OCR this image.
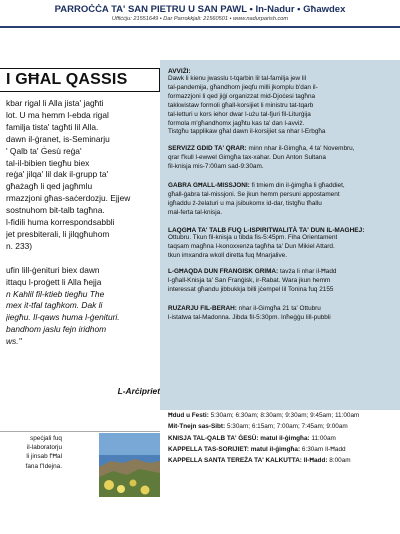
PARROĊĊA TA' SAN PIETRU U SAN PAWL • In-Nadur • Għawdex
Uffiċċju: 21551649 • Dar Parrokkjali: 21560501 • www.nadurparish.com
I GĦAL QASSIS
kbar rigal li Alla jista' jagħti
lot. U ma hemm l-ebda rigal
familja tista' tagħti lil Alla.
dawn il-ġranet, is-Seminarju
' Qalb ta' Ġesù reġa'
tal-il-bibien tiegħu biex
reġa' jilqa' lil dak il-grupp ta'
għażagħ li qed jagħmlu
rmazzjoni għas-saċerdozju. Ejjew
sostnuhom bit-talb tagħna.
l-fidili huma korrespondsabbli
jet presbiterali, li jilqgħuhom
n. 233)

ufin lill-ġenituri biex dawn
ittaqu l-proġett li Alla ħejja
n Kahlil fil-ktieb tiegħu The
mex it-tfal tagħkom. Dak li
jiegħu. Il-qaws huma l-ġenituri.
bandhom jaslu fejn iridhom
ws."
L-Arċipriet
speċjali fuq
il-laboratorju
li jinsab f'Ħal
fana f'Idejna.
AVVIŻI:
Dawk li kienu jwasslu t-tqarbin lil tal-familja jew lil
tal-pandemija, għandhom jieqfu milli jkomplu b'dan il-
formazzjoni li qed jiġi organizzat mid-Djoċesi tagħna
takkwistaw formoli għall-korsijiet li ministru tat-tqarb
tal-letturi u kors iehor dwar l-użu tal-fjuri fil-Liturġija
formola m'għandhomx jagħtu kas ta' dan l-avviż.
Tistgħu tapplikaw għal dawn il-korsijiet sa nhar l-Erbgħa
SERVIZZ ĠDID TA' QRAR: minn nhar il-Ġimgħa, 4 ta' Novembru,
qrar f'kull l-ewwel Ġimgħa tax-xahar. Dun Anton Sultana
fil-knisja mis-7:00am sad-9:30am.
ĠABRA GĦALL-MISSJONI: fi tmiem din il-ġimgħa li għaddiet,
għall-ġabra tal-missjoni. Se jkun hemm persuni appostament
igħaddu ż-żelaturi u ma jsibukomx id-dar, tistgħu tħallu
mal-ferta tal-knisja.
LAQGĦA TA' TALB FUQ L-ISPIRITWALITÀ TA' DUN IL-MAGHEJ:
Ottubru. Tkun fil-knisja u tibda fis-5:45pm. Fiha Orientament
taqsam magħna l-konoxxenza tagħha ta' Dun Mikiel Attard.
tkun imxandra wkoll diretta fuq Mnarjalive.
L-GĦAQDA DUN FRANĠISK GRIMA: tavża li nhar il-Ħadd
l-għall-Knisja ta' San Franġisk, ir-Rabat. Wara jkun hemm
interessat għandu jibbukkja billi jċempel lil Tonina fuq 2155
RUŻARJU FIL-BERAH: nhar il-Ġimgħa 21 ta' Ottubru
l-istatwa tal-Madonna. Jibda fil-5:30pm. Inħeġġu lill-pubbli
Ħdud u Festi: 5:30am; 6:30am; 8:30am; 9:30am; 9:45am; 11:00am
Mit-Tnejn sas-Sibt: 5:30am; 6:15am; 7:00am; 7:45am; 9:00am
KNISJA TAL-QALB TA' ĠESÙ: matul il-ġimgħa: 11:00am
KAPPELLA TAS-SORIJIET: matul il-ġimgħa: 6:30am Il-Ħadd
KAPPELLA SANTA TEREŻA TA' KALKUTTA: Il-Ħadd: 8:00am
